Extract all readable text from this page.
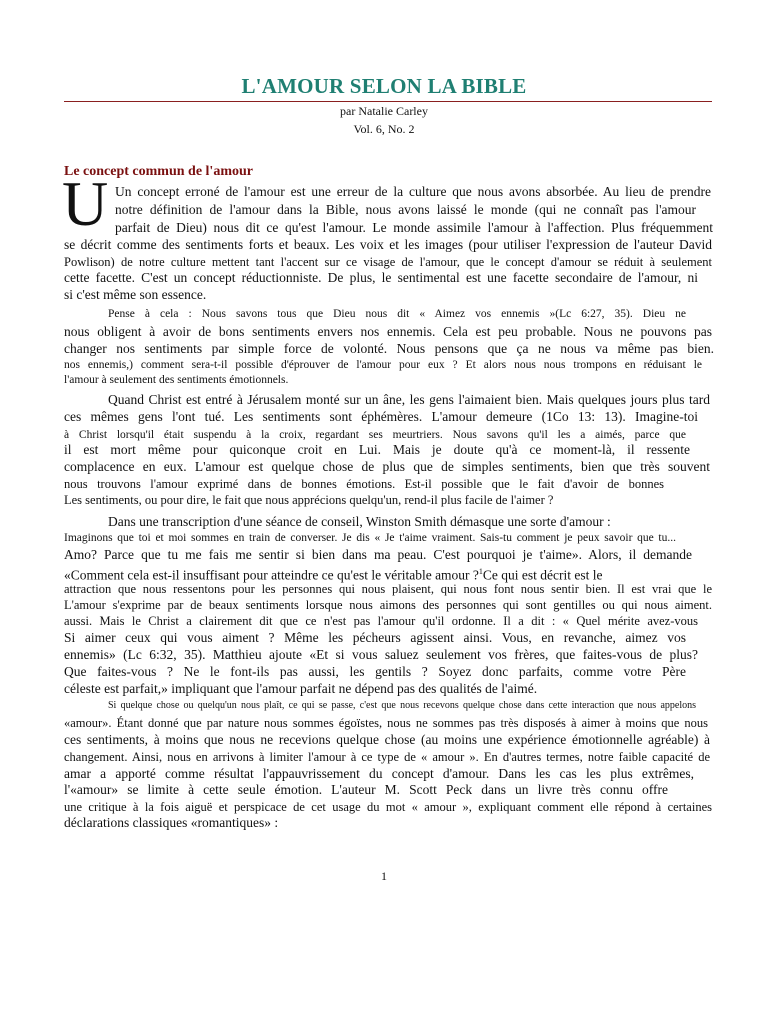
L'AMOUR SELON LA BIBLE
par Natalie Carley
Vol. 6, No. 2
Le concept commun de l'amour
U Un concept erroné de l'amour est une erreur de la culture que nous avons absorbée. Au lieu de prendre
notre définition de l'amour dans la Bible, nous avons laissé le monde (qui ne connaît pas l'amour
parfait de Dieu) nous dit ce qu'est l'amour. Le monde assimile l'amour à l'affection. Plus fréquemment
se décrit comme des sentiments forts et beaux. Les voix et les images (pour utiliser l'expression de l'auteur David
Powlison) de notre culture mettent tant l'accent sur ce visage de l'amour, que le concept d'amour se réduit à seulement
cette facette. C'est un concept réductionniste. De plus, le sentimental est une facette secondaire de l'amour, ni
si c'est même son essence.
Pense à cela : Nous savons tous que Dieu nous dit « Aimez vos ennemis »(Lc 6:27, 35). Dieu ne
nous obligent à avoir de bons sentiments envers nos ennemis. Cela est peu probable. Nous ne pouvons pas
changer nos sentiments par simple force de volonté. Nous pensons que ça ne nous va même pas bien.
nos ennemis,) comment sera-t-il possible d'éprouver de l'amour pour eux ? Et alors nous nous trompons en réduisant le
l'amour à seulement des sentiments émotionnels.
Quand Christ est entré à Jérusalem monté sur un âne, les gens l'aimaient bien. Mais quelques jours plus tard
ces mêmes gens l'ont tué. Les sentiments sont éphémères. L'amour demeure (1Co 13: 13). Imagine-toi
à Christ lorsqu'il était suspendu à la croix, regardant ses meurtriers. Nous savons qu'il les a aimés, parce que
il est mort même pour quiconque croit en Lui. Mais je doute qu'à ce moment-là, il ressente
complacence en eux. L'amour est quelque chose de plus que de simples sentiments, bien que très souvent
nous trouvons l'amour exprimé dans de bonnes émotions. Est-il possible que le fait d'avoir de bonnes
Les sentiments, ou pour dire, le fait que nous apprécions quelqu'un, rend-il plus facile de l'aimer ?
Dans une transcription d'une séance de conseil, Winston Smith démasque une sorte d'amour :
Imaginons que toi et moi sommes en train de converser. Je dis « Je t'aime vraiment. Sais-tu comment je peux savoir que tu...
Amo? Parce que tu me fais me sentir si bien dans ma peau. C'est pourquoi je t'aime». Alors, il demande
«Comment cela est-il insuffisant pour atteindre ce qu'est le véritable amour ?$^1$Ce qui est décrit est le
attraction que nous ressentons pour les personnes qui nous plaisent, qui nous font nous sentir bien. Il est vrai que le
L'amour s'exprime par de beaux sentiments lorsque nous aimons des personnes qui sont gentilles ou qui nous aiment.
aussi. Mais le Christ a clairement dit que ce n'est pas l'amour qu'il ordonne. Il a dit : « Quel mérite avez-vous
Si aimer ceux qui vous aiment ? Même les pécheurs agissent ainsi. Vous, en revanche, aimez vos
ennemis» (Lc 6:32, 35). Matthieu ajoute «Et si vous saluez seulement vos frères, que faites-vous de plus?
Que faites-vous ? Ne le font-ils pas aussi, les gentils ? Soyez donc parfaits, comme votre Père
céleste est parfait,» impliquant que l'amour parfait ne dépend pas des qualités de l'aimé.
Si quelque chose ou quelqu'un nous plaît, ce qui se passe, c'est que nous recevons quelque chose dans cette interaction que nous appelons
«amour». Étant donné que par nature nous sommes égoïstes, nous ne sommes pas très disposés à aimer à moins que nous
ces sentiments, à moins que nous ne recevions quelque chose (au moins une expérience émotionnelle agréable) à
changement. Ainsi, nous en arrivons à limiter l'amour à ce type de « amour ». En d'autres termes, notre faible capacité de
amar a apporté comme résultat l'appauvrissement du concept d'amour. Dans les cas les plus extrêmes,
l'«amour» se limite à cette seule émotion. L'auteur M. Scott Peck dans un livre très connu offre
une critique à la fois aiguë et perspicace de cet usage du mot « amour », expliquant comment elle répond à certaines
déclarations classiques «romantiques» :
1
